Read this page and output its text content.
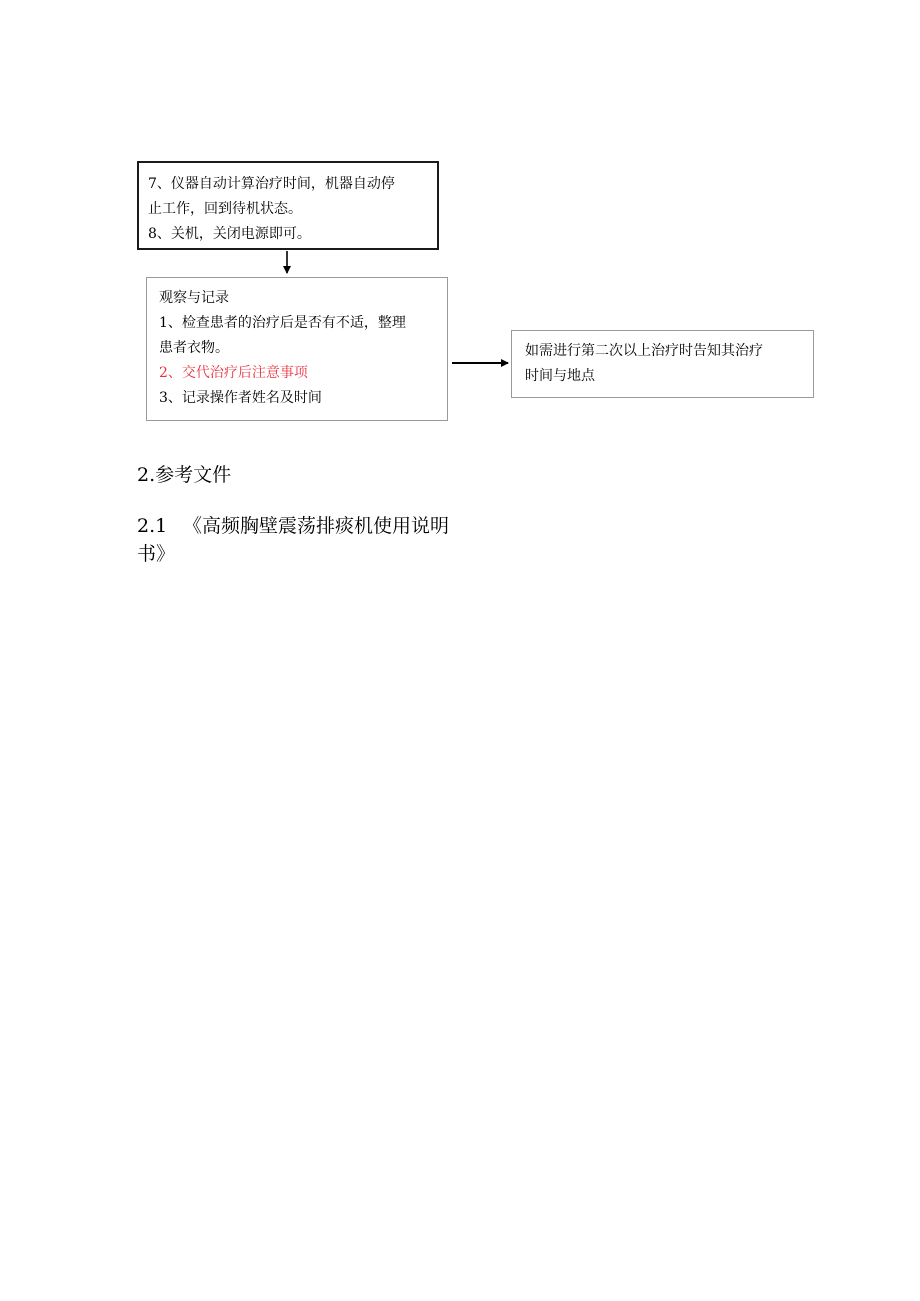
7、仪器自动计算治疗时间，机器自动停
止工作，回到待机状态。
8、关机，关闭电源即可。
观察与记录
1、检查患者的治疗后是否有不适，整理
患者衣物。
2、交代治疗后注意事项
3、记录操作者姓名及时间
如需进行第二次以上治疗时告知其治疗
时间与地点
2.参考文件
2.1 《高频胸壁震荡排痰机使用说明
书》
